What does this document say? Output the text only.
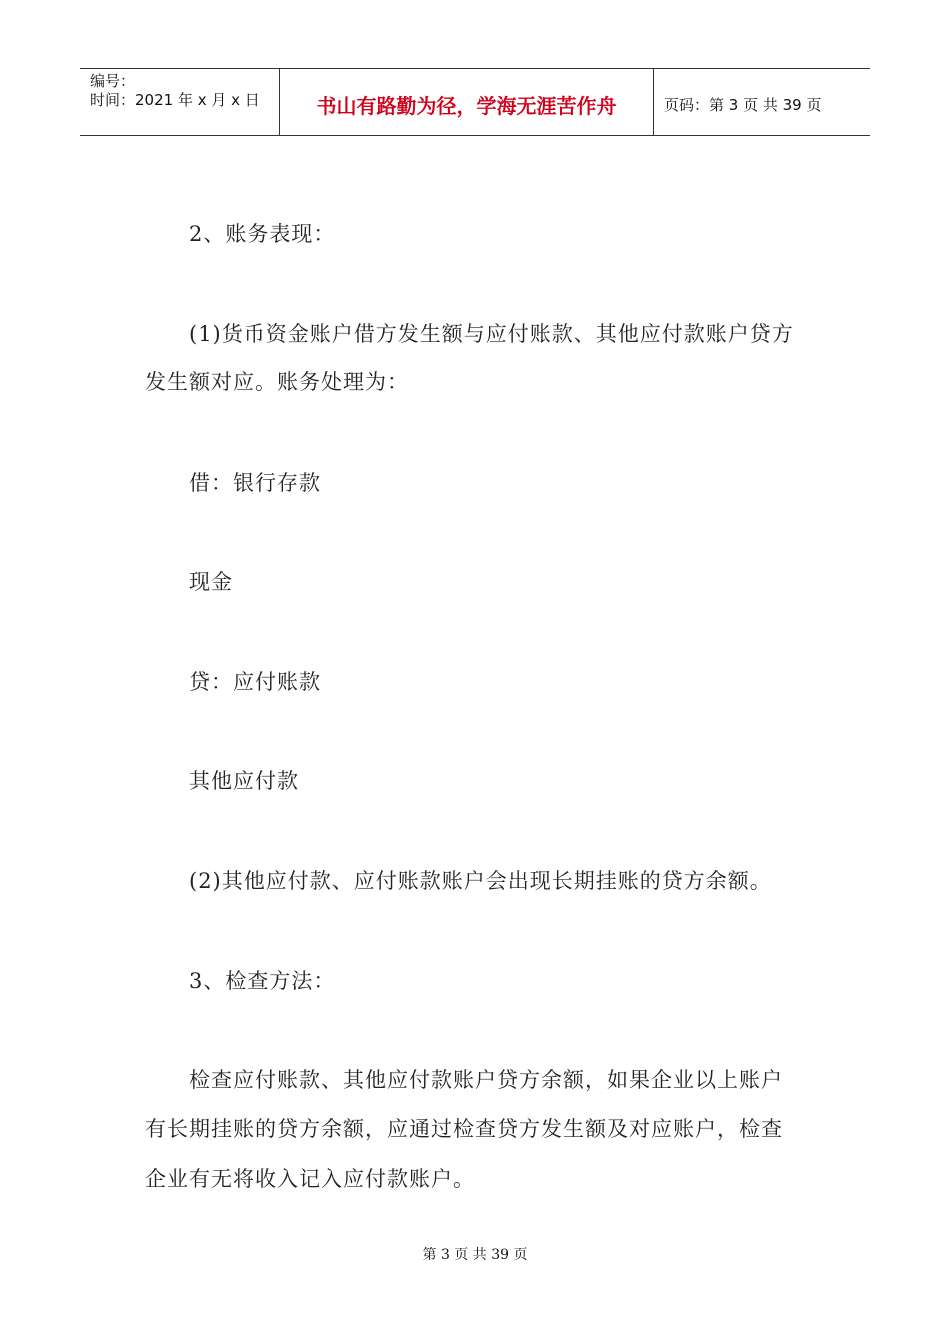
编号：
时间：2021 年 x 月 x 日	书山有路勤为径，学海无涯苦作舟	页码：第 3 页 共 39 页
2、账务表现：
(1)货币资金账户借方发生额与应付账款、其他应付款账户贷方
发生额对应。账务处理为：
借：银行存款
现金
贷：应付账款
其他应付款
(2)其他应付款、应付账款账户会出现长期挂账的贷方余额。
3、检查方法：
检查应付账款、其他应付款账户贷方余额，如果企业以上账户
有长期挂账的贷方余额，应通过检查贷方发生额及对应账户，检查
企业有无将收入记入应付款账户。
第 3 页 共 39 页
